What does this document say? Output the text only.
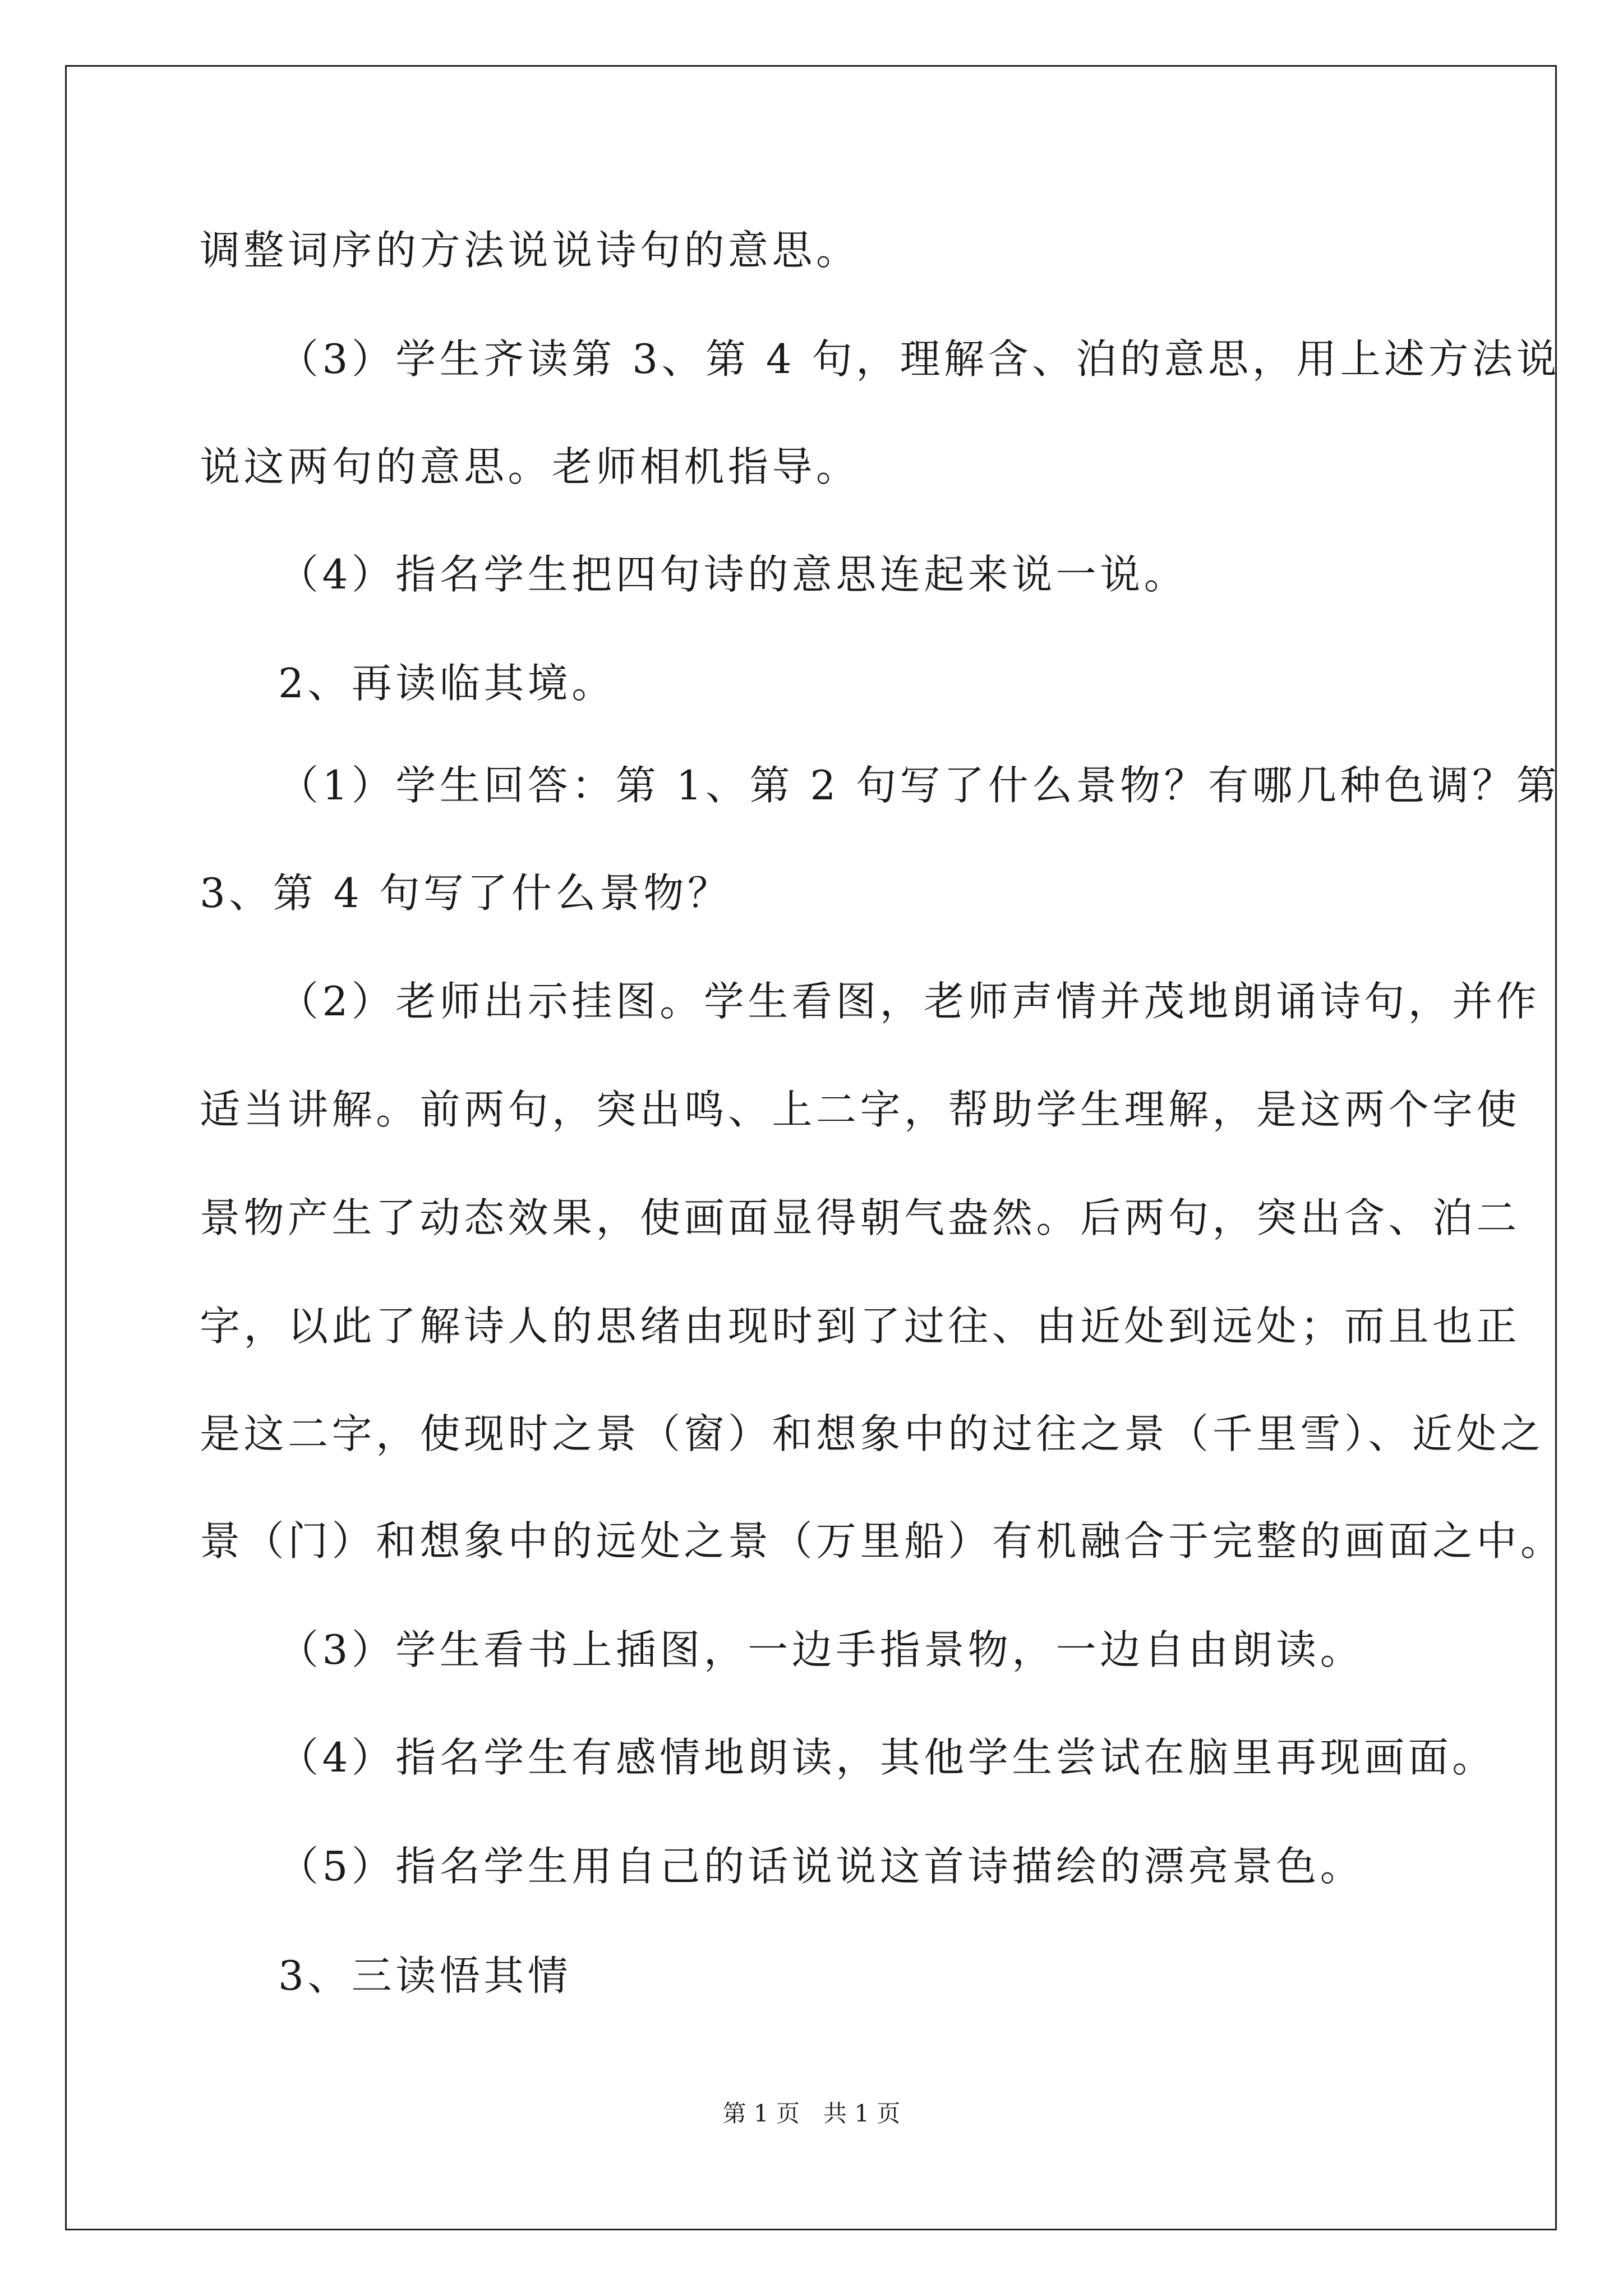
调整词序的方法说说诗句的意思。

（3）学生齐读第 3、第 4 句，理解含、泊的意思，用上述方法说

说这两句的意思。老师相机指导。

（4）指名学生把四句诗的意思连起来说一说。

2、再读临其境。

（1）学生回答：第 1、第 2 句写了什么景物？有哪几种色调？第

3、第 4 句写了什么景物？

（2）老师出示挂图。学生看图，老师声情并茂地朗诵诗句，并作

适当讲解。前两句，突出鸣、上二字，帮助学生理解，是这两个字使

景物产生了动态效果，使画面显得朝气盎然。后两句，突出含、泊二

字，以此了解诗人的思绪由现时到了过往、由近处到远处；而且也正

是这二字，使现时之景（窗）和想象中的过往之景（千里雪）、近处之

景（门）和想象中的远处之景（万里船）有机融合于完整的画面之中。

（3）学生看书上插图，一边手指景物，一边自由朗读。

（4）指名学生有感情地朗读，其他学生尝试在脑里再现画面。

（5）指名学生用自己的话说说这首诗描绘的漂亮景色。

3、三读悟其情

第 1 页　共 1 页
